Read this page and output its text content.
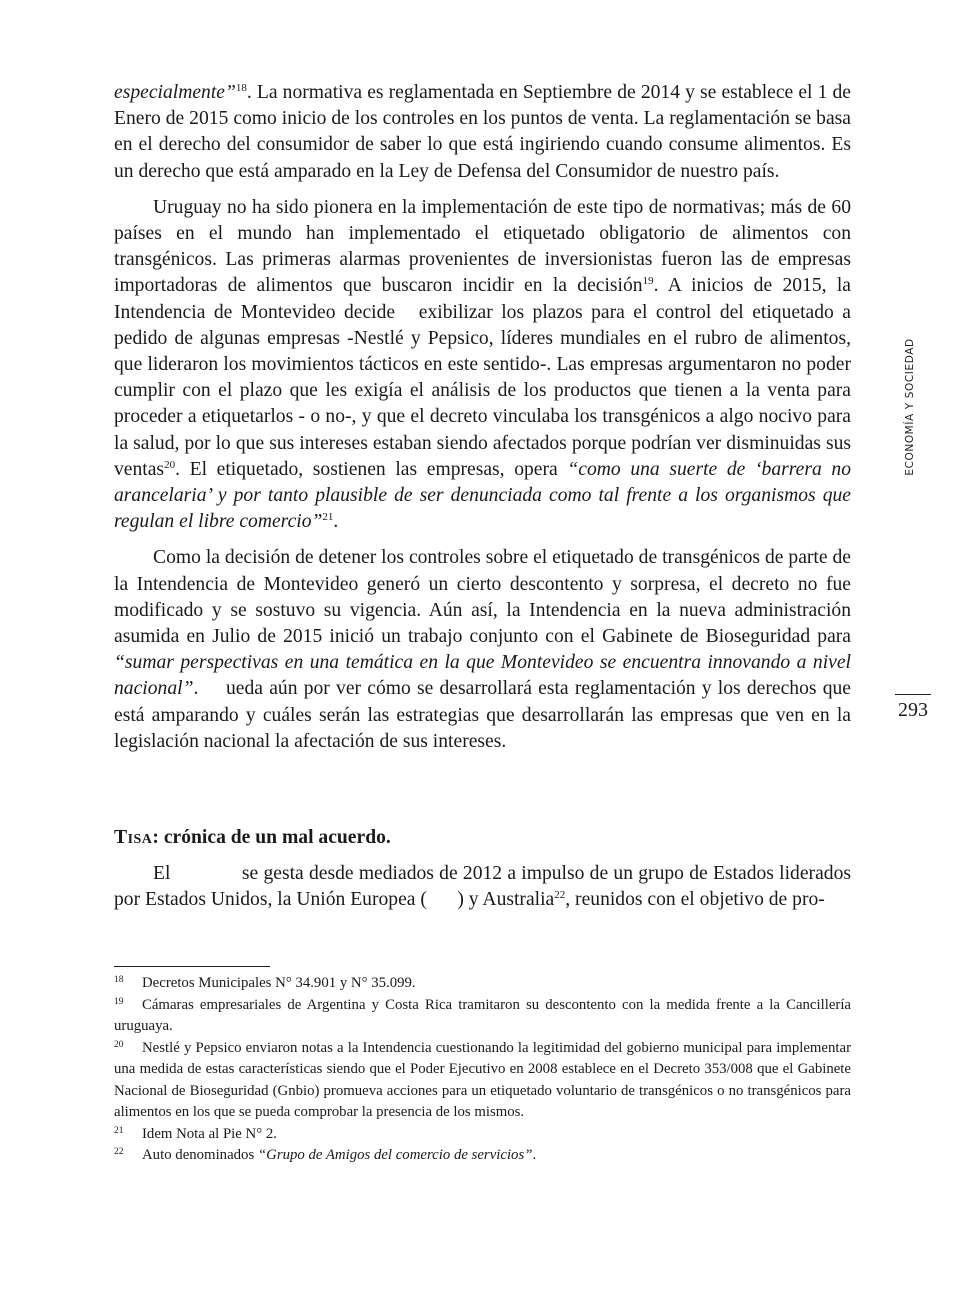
especialmente”$^{18}$. La normativa es reglamentada en Septiembre de 2014 y se establece el 1 de Enero de 2015 como inicio de los controles en los puntos de venta. La reglamentación se basa en el derecho del consumidor de saber lo que está ingiriendo cuando consume alimentos. Es un derecho que está amparado en la Ley de Defensa del Consumidor de nuestro país.

Uruguay no ha sido pionera en la implementación de este tipo de normativas; más de 60 países en el mundo han implementado el etiquetado obligatorio de alimentos con transgénicos. Las primeras alarmas provenientes de inversionistas fueron las de empresas importadoras de alimentos que buscaron incidir en la decisión$^{19}$. A inicios de 2015, la Intendencia de Montevideo decide  exibilizar los plazos para el control del etiquetado a pedido de algunas empresas -Nestlé y Pepsico, líderes mundiales en el rubro de alimentos, que lideraron los movimientos tácticos en este sentido-. Las empresas argumentaron no poder cumplir con el plazo que les exigía el análisis de los productos que tienen a la venta para proceder a etiquetarlos - o no-, y que el decreto vinculaba los transgénicos a algo nocivo para la salud, por lo que sus intereses estaban siendo afectados porque podrían ver disminuidas sus ventas$^{20}$. El etiquetado, sostienen las empresas, opera “como una suerte de ‘barrera no arancelaria’ y por tanto plausible de ser denunciada como tal frente a los organismos que regulan el libre comercio”$^{21}$.

Como la decisión de detener los controles sobre el etiquetado de transgénicos de parte de la Intendencia de Montevideo generó un cierto descontento y sorpresa, el decreto no fue modificado y se sostuvo su vigencia. Aún así, la Intendencia en la nueva administración asumida en Julio de 2015 inició un trabajo conjunto con el Gabinete de Bioseguridad para “sumar perspectivas en una temática en la que Montevideo se encuentra innovando a nivel nacional”.   ueda aún por ver cómo se desarrollará esta reglamentación y los derechos que está amparando y cuáles serán las estrategias que desarrollarán las empresas que ven en la legislación nacional la afectación de sus intereses.

Tisa: crónica de un mal acuerdo.

El      se gesta desde mediados de 2012 a impulso de un grupo de Estados liderados por Estados Unidos, la Unión Europea (  ) y Australia$^{22}$, reunidos con el objetivo de pro-

ECONOMÍA Y SOCIEDAD
293

18 Decretos Municipales N° 34.901 y N° 35.099.

19 Cámaras empresariales de Argentina y Costa Rica tramitaron su descontento con la medida frente a la Cancillería uruguaya.

20 Nestlé y Pepsico enviaron notas a la Intendencia cuestionando la legitimidad del gobierno municipal para implementar una medida de estas características siendo que el Poder Ejecutivo en 2008 establece en el Decreto 353/008 que el Gabinete Nacional de Bioseguridad (Gnbio) promueva acciones para un etiquetado voluntario de transgénicos o no transgénicos para alimentos en los que se pueda comprobar la presencia de los mismos.

21 Idem Nota al Pie N° 2.

22 Auto denominados “Grupo de Amigos del comercio de servicios”.
